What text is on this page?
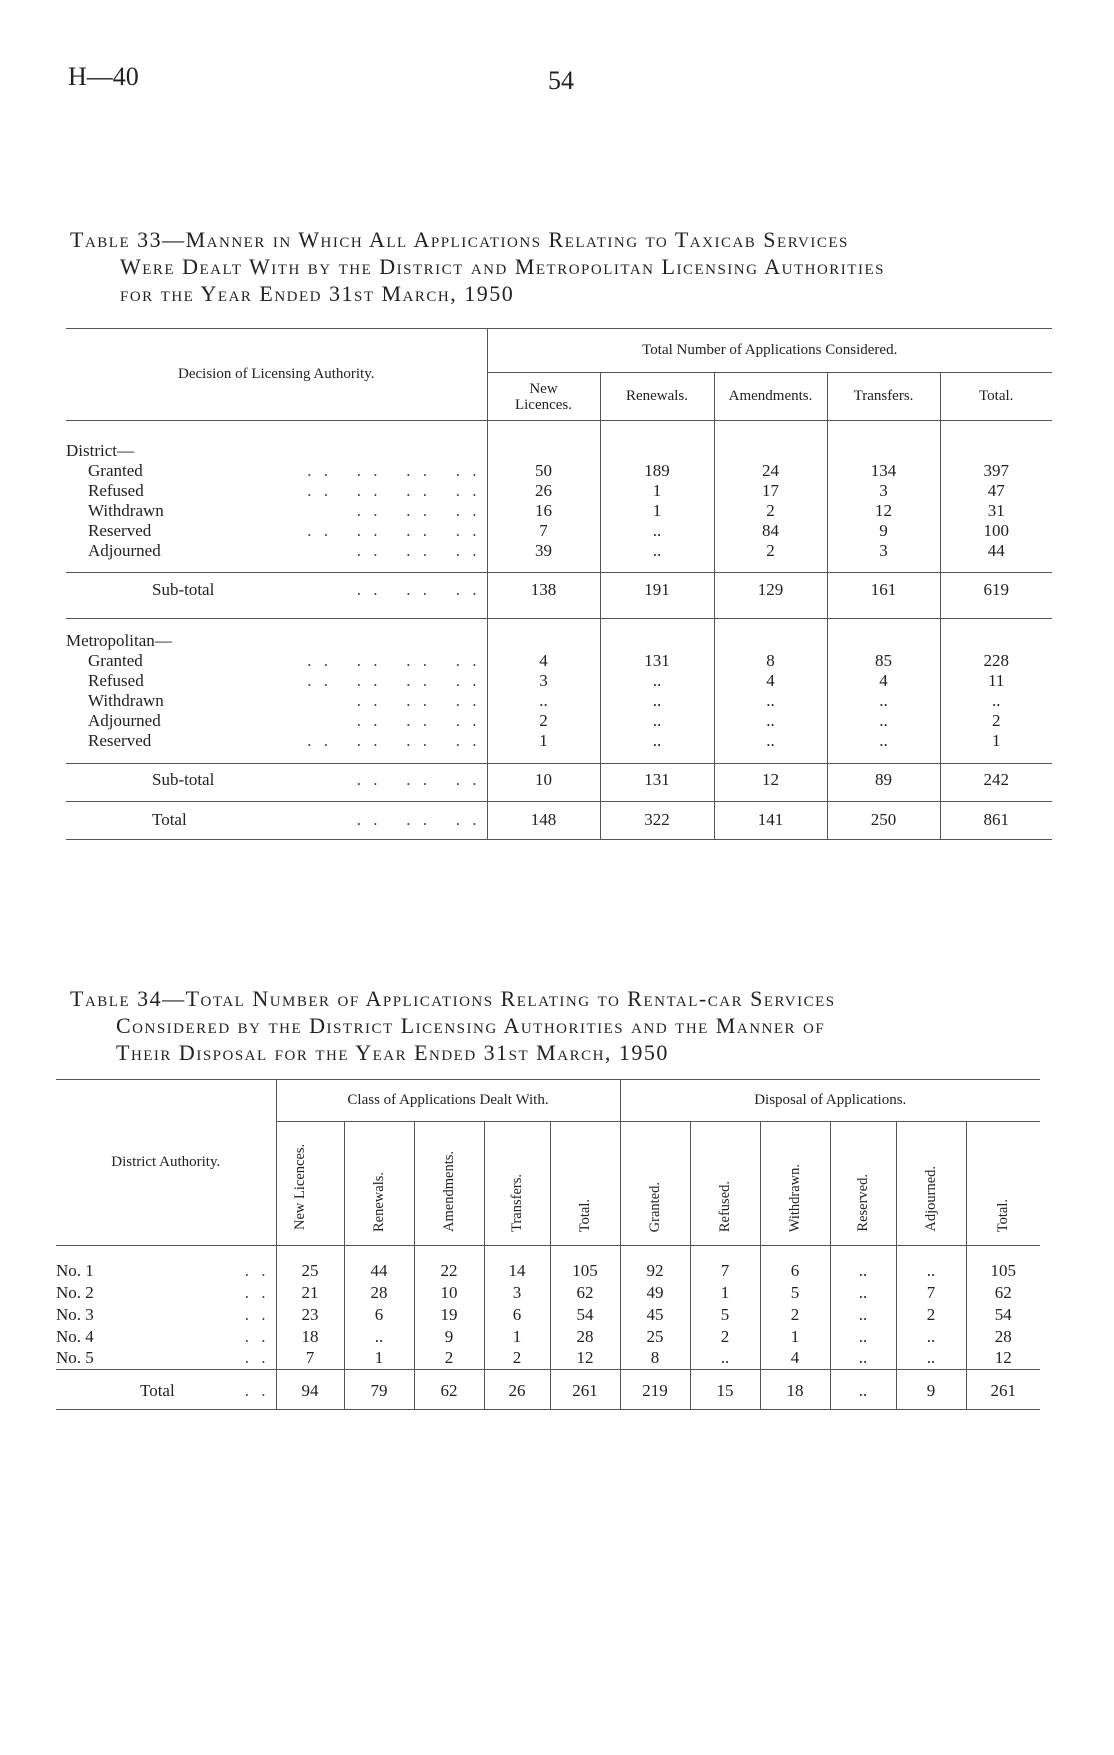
H—40	54
Table 33—Manner in Which All Applications Relating to Taxicab Services
Were Dealt With by the District and Metropolitan Licensing Authorities
for the Year Ended 31st March, 1950
Decision of Licensing Authority.	Total Number of Applications Considered.				
	New Licences.	Renewals.	Amendments.	Transfers.	Total.

District—					
Granted . .   . .   . .   . .	50	189	24	134	397
Refused . .   . .   . .   . .	26	1	17	3	47
Withdrawn . .   . .   . .	16	1	2	12	31
Reserved . .   . .   . .   . .	7	..	84	9	100
Adjourned . .   . .   . .	39	..	2	3	44

Sub-total . .   . .   . .	138	191	129	161	619

Metropolitan—					
Granted . .   . .   . .   . .	4	131	8	85	228
Refused . .   . .   . .   . .	3	..	4	4	11
Withdrawn . .   . .   . .	..	..	..	..	..
Adjourned . .   . .   . .	2	..	..	..	2
Reserved . .   . .   . .   . .	1	..	..	..	1

Sub-total . .   . .   . .	10	131	12	89	242

Total . .   . .   . .	148	322	141	250	861
Table 34—Total Number of Applications Relating to Rental-car Services
Considered by the District Licensing Authorities and the Manner of
Their Disposal for the Year Ended 31st March, 1950
District Authority.	Class of Applications Dealt With.					Disposal of Applications.					
	New Licences.	Renewals.	Amendments.	Transfers.	Total.	Granted.	Refused.	Withdrawn.	Reserved.	Adjourned.	Total.

No. 1 . .	25	44	22	14	105	92	7	6	..	..	105
No. 2 . .	21	28	10	3	62	49	1	5	..	7	62
No. 3 . .	23	6	19	6	54	45	5	2	..	2	54
No. 4 . .	18	..	9	1	28	25	2	1	..	..	28
No. 5 . .	7	1	2	2	12	8	..	4	..	..	12

Total . .	94	79	62	26	261	219	15	18	..	9	261
